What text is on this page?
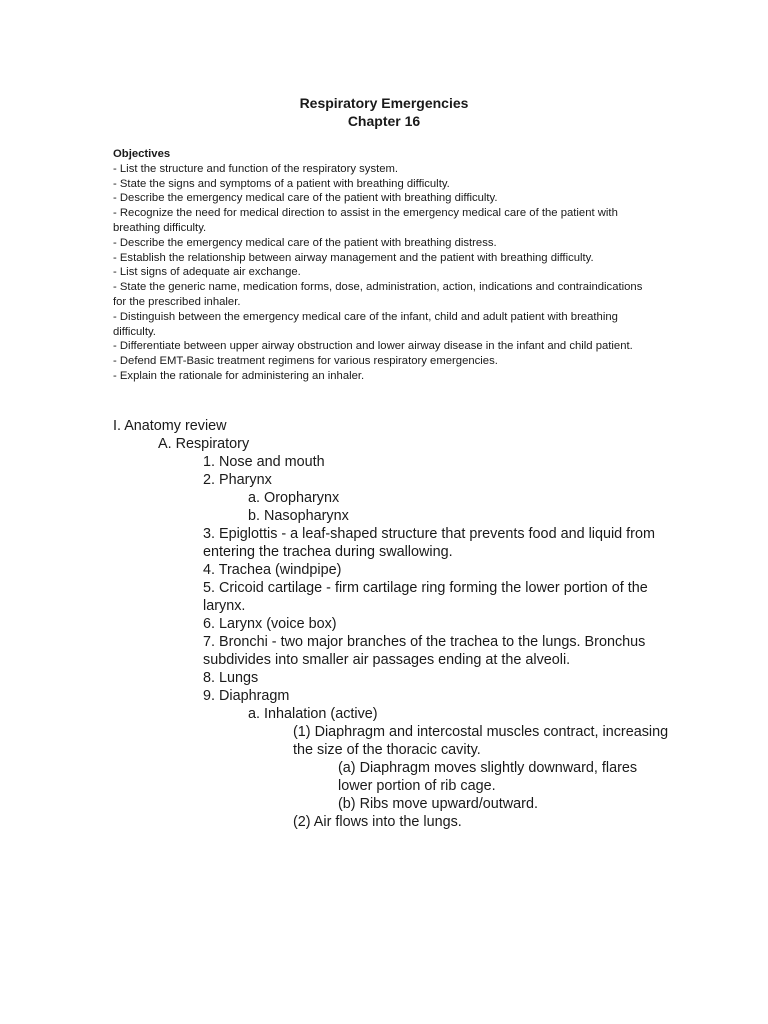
Respiratory Emergencies
Chapter 16
Objectives
- List the structure and function of the respiratory system.
- State the signs and symptoms of a patient with breathing difficulty.
- Describe the emergency medical care of the patient with breathing difficulty.
- Recognize the need for medical direction to assist in the emergency medical care of the patient with breathing difficulty.
- Describe the emergency medical care of the patient with breathing distress.
- Establish the relationship between airway management and the patient with breathing difficulty.
- List signs of adequate air exchange.
- State the generic name, medication forms, dose, administration, action, indications and contraindications for the prescribed inhaler.
- Distinguish between the emergency medical care of the infant, child and adult patient with breathing difficulty.
- Differentiate between upper airway obstruction and lower airway disease in the infant and child patient.
- Defend EMT-Basic treatment regimens for various respiratory emergencies.
- Explain the rationale for administering an inhaler.
I. Anatomy review
A. Respiratory
1. Nose and mouth
2. Pharynx
a. Oropharynx
b. Nasopharynx
3. Epiglottis - a leaf-shaped structure that prevents food and liquid from entering the trachea during swallowing.
4. Trachea (windpipe)
5. Cricoid cartilage - firm cartilage ring forming the lower portion of the larynx.
6. Larynx (voice box)
7. Bronchi - two major branches of the trachea to the lungs. Bronchus subdivides into smaller air passages ending at the alveoli.
8. Lungs
9. Diaphragm
a. Inhalation (active)
(1) Diaphragm and intercostal muscles contract, increasing the size of the thoracic cavity.
(a) Diaphragm moves slightly downward, flares lower portion of rib cage.
(b) Ribs move upward/outward.
(2) Air flows into the lungs.
